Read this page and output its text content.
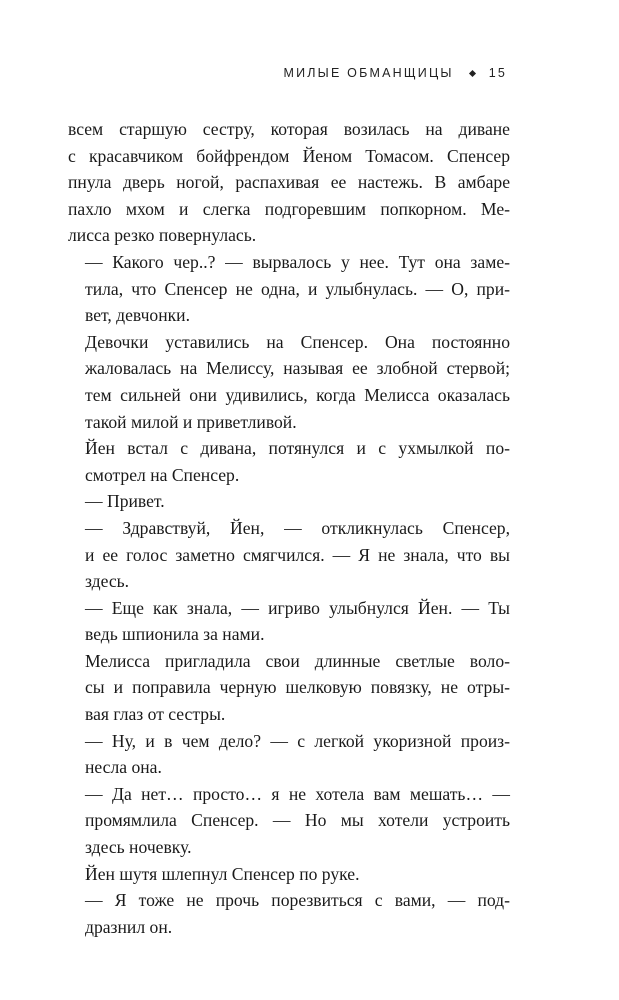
МИЛЫЕ ОБМАНЩИЦЫ	15

всем старшую сестру, которая возилась на диване
с красавчиком бойфрендом Йеном Томасом. Спенсер
пнула дверь ногой, распахивая ее настежь. В амбаре
пахло мхом и слегка подгоревшим попкорном. Ме-
лисса резко повернулась.

— Какого чер..? — вырвалось у нее. Тут она заме-
тила, что Спенсер не одна, и улыбнулась. — О, при-
вет, девчонки.

Девочки уставились на Спенсер. Она постоянно
жаловалась на Мелиссу, называя ее злобной стервой;
тем сильней они удивились, когда Мелисса оказалась
такой милой и приветливой.

Йен встал с дивана, потянулся и с ухмылкой по-
смотрел на Спенсер.

— Привет.

— Здравствуй, Йен, — откликнулась Спенсер,
и ее голос заметно смягчился. — Я не знала, что вы
здесь.

— Еще как знала, — игриво улыбнулся Йен. — Ты
ведь шпионила за нами.

Мелисса пригладила свои длинные светлые воло-
сы и поправила черную шелковую повязку, не отры-
вая глаз от сестры.

— Ну, и в чем дело? — с легкой укоризной произ-
несла она.

— Да нет… просто… я не хотела вам мешать… —
промямлила Спенсер. — Но мы хотели устроить
здесь ночевку.

Йен шутя шлепнул Спенсер по руке.

— Я тоже не прочь порезвиться с вами, — под-
дразнил он.
